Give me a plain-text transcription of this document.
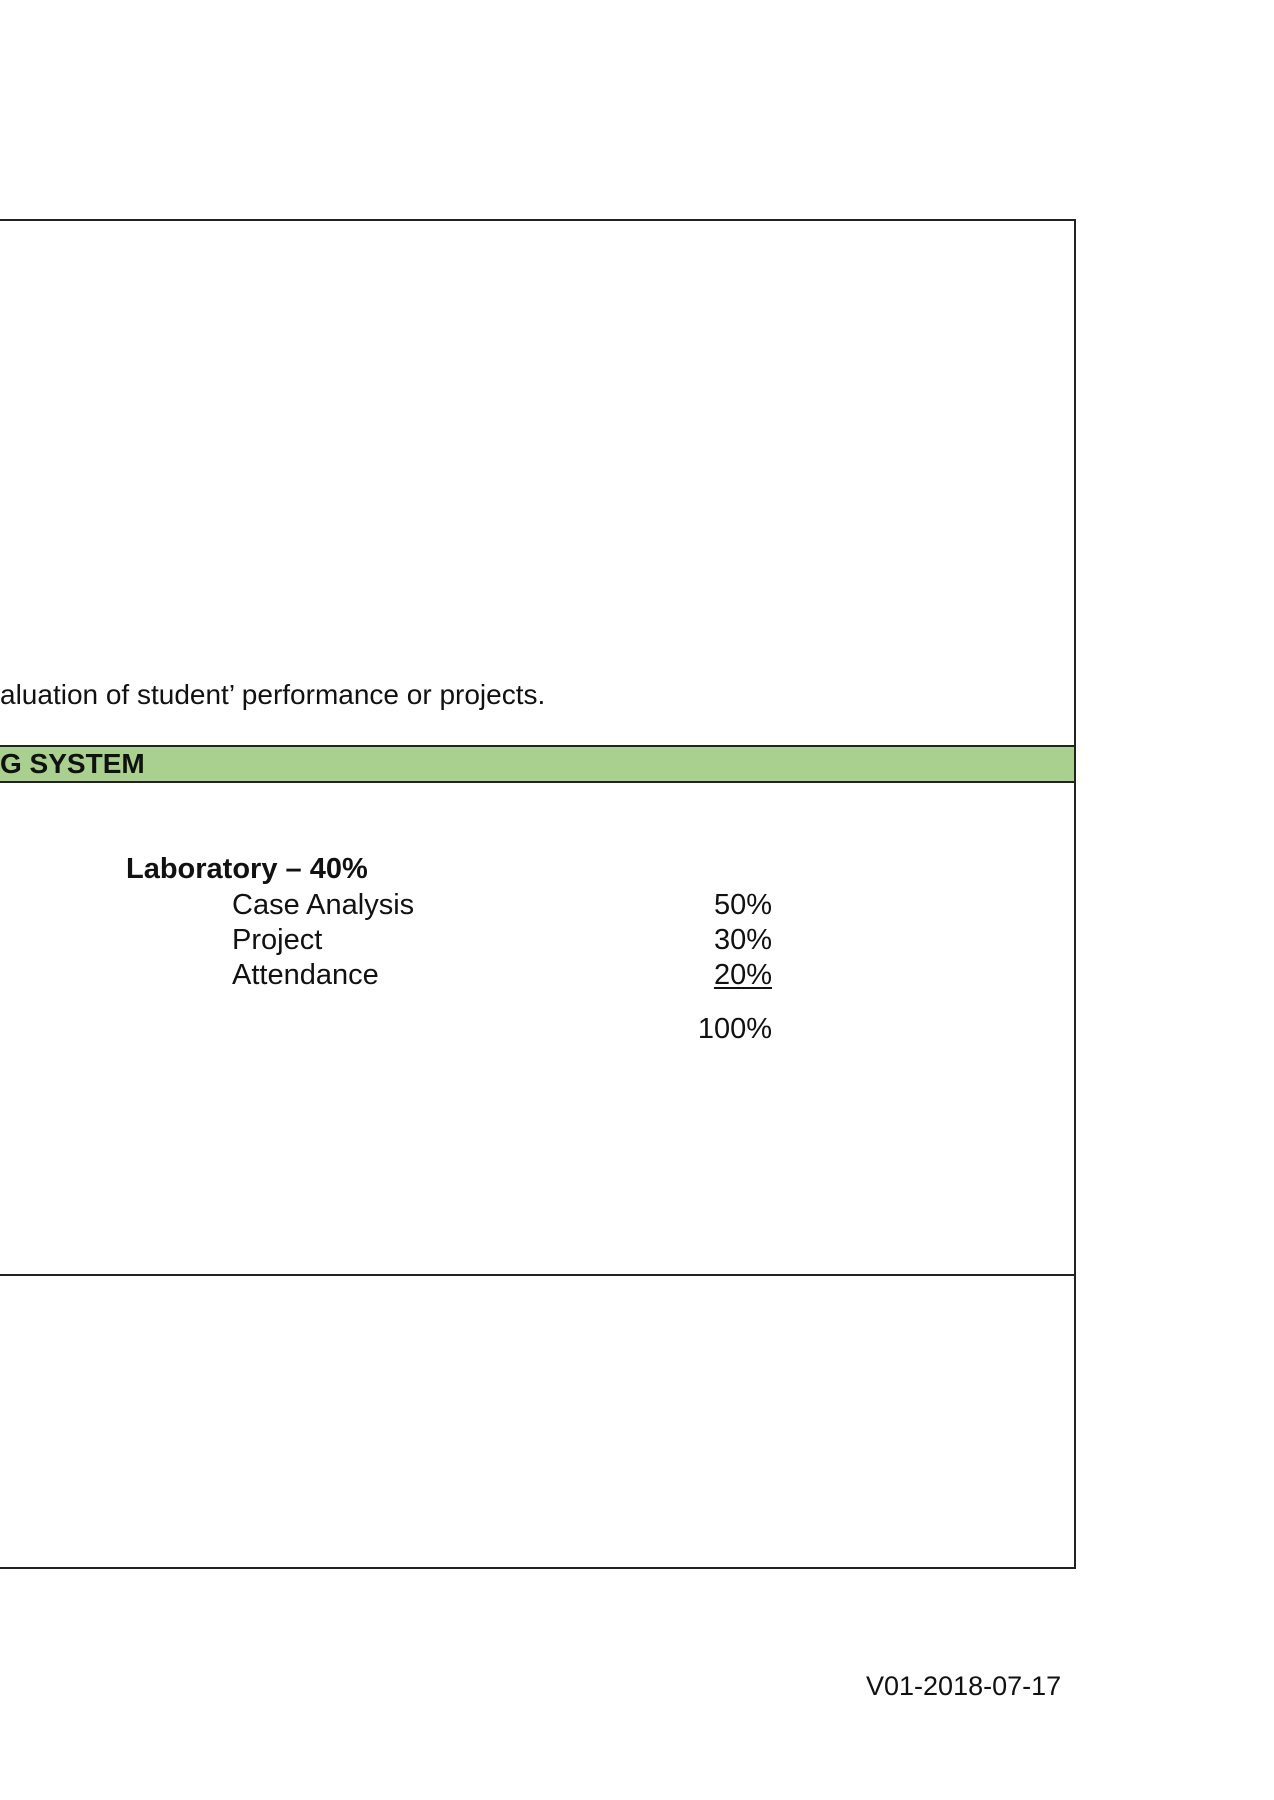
aluation of student’ performance or projects.
G SYSTEM
Laboratory – 40%
Case Analysis	50%
Project	30%
Attendance	20%
100%
V01-2018-07-17
